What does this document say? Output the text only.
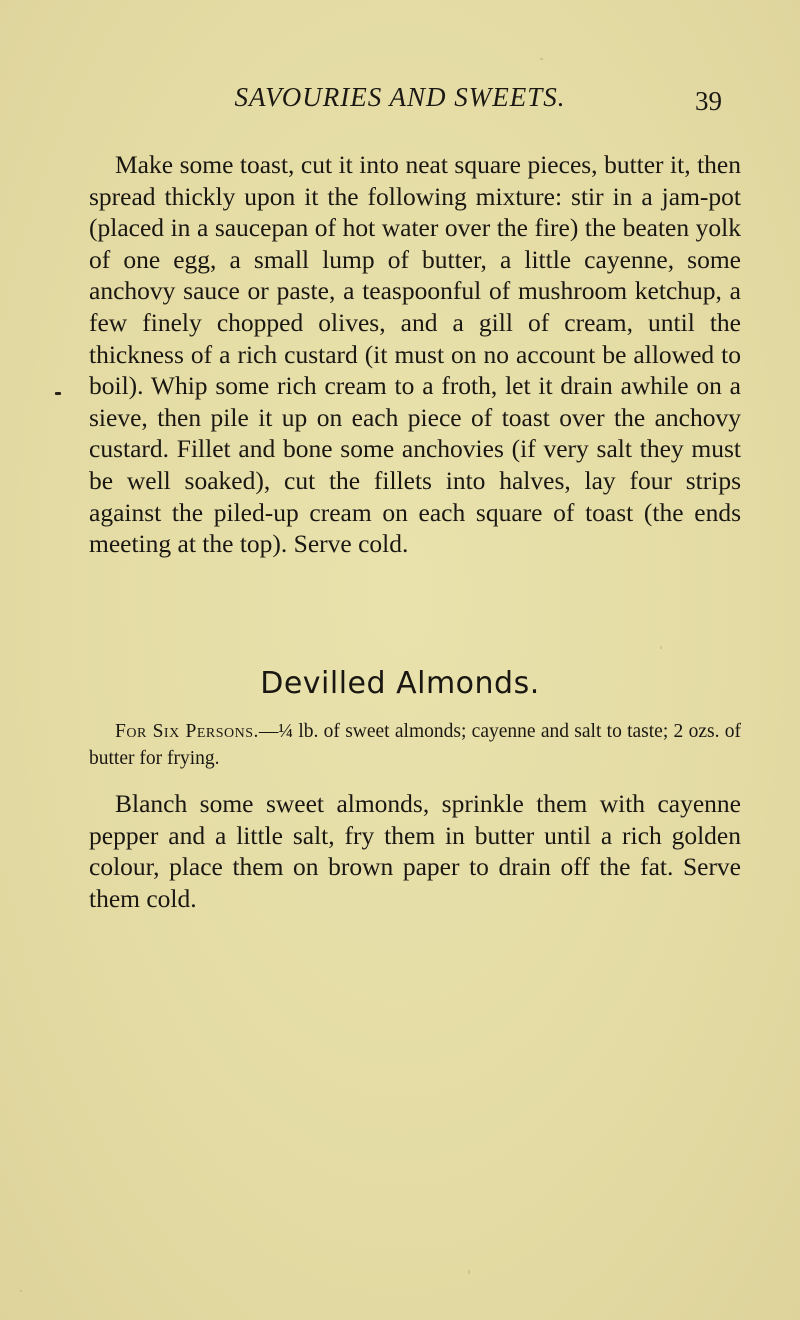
SAVOURIES AND SWEETS.	39

Make some toast, cut it into neat square pieces, butter it, then spread thickly upon it the following mixture: stir in a jam-pot (placed in a saucepan of hot water over the fire) the beaten yolk of one egg, a small lump of butter, a little cayenne, some anchovy sauce or paste, a teaspoonful of mushroom ketchup, a few finely chopped olives, and a gill of cream, until the thickness of a rich custard (it must on no account be allowed to boil). Whip some rich cream to a froth, let it drain awhile on a sieve, then pile it up on each piece of toast over the anchovy custard. Fillet and bone some anchovies (if very salt they must be well soaked), cut the fillets into halves, lay four strips against the piled-up cream on each square of toast (the ends meeting at the top). Serve cold.

Devilled Almonds.

For Six Persons.—¼ lb. of sweet almonds; cayenne and salt to taste; 2 ozs. of butter for frying.

Blanch some sweet almonds, sprinkle them with cayenne pepper and a little salt, fry them in butter until a rich golden colour, place them on brown paper to drain off the fat. Serve them cold.
